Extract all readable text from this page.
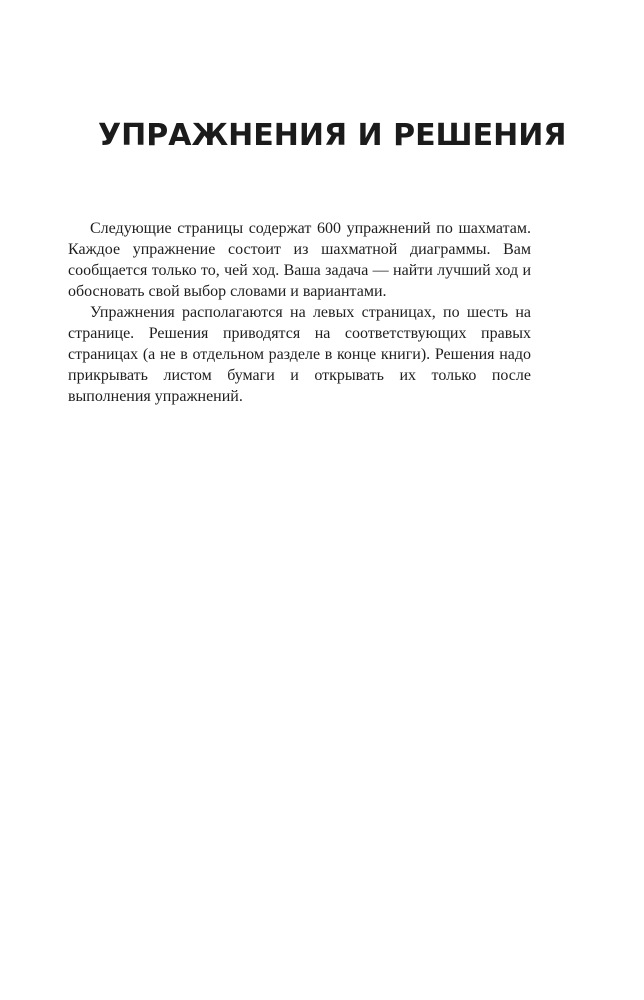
УПРАЖНЕНИЯ И РЕШЕНИЯ

Следующие страницы содержат 600 упражнений по шахматам. Каждое упражнение состоит из шахматной диаграммы. Вам сообщается только то, чей ход. Ваша задача — найти лучший ход и обосновать свой выбор словами и вариантами.

Упражнения располагаются на левых страницах, по шесть на странице. Решения приводятся на соответствующих правых страницах (а не в отдельном разделе в конце книги). Решения надо прикрывать листом бумаги и открывать их только после выполнения упражнений.
